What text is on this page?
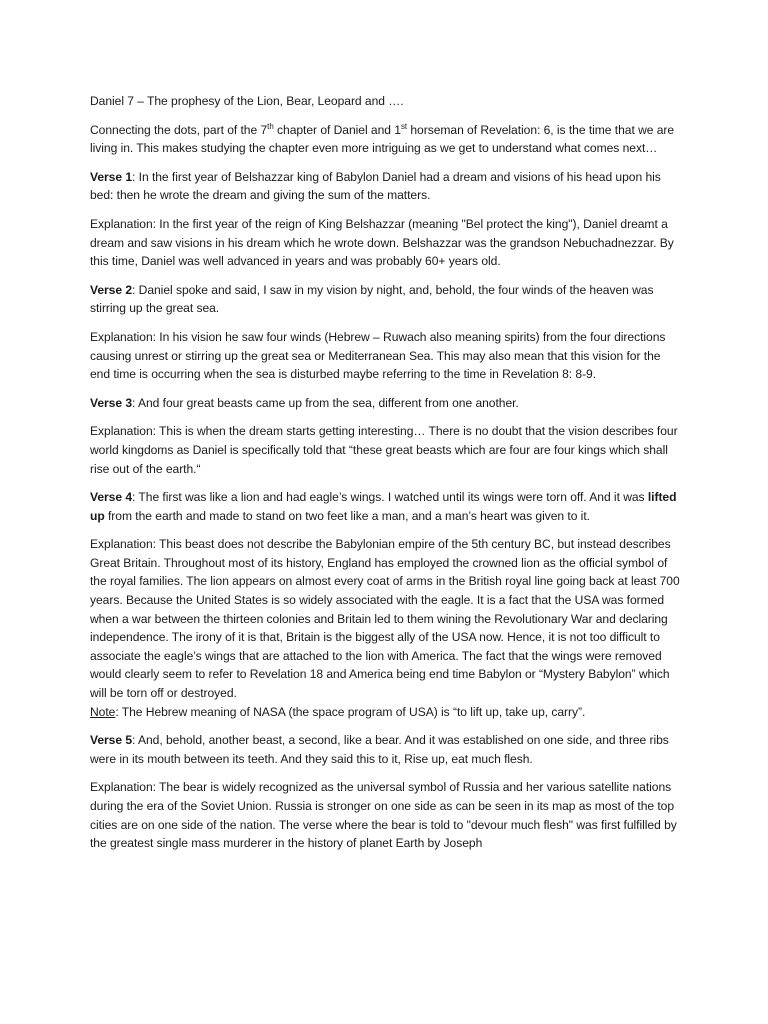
Daniel 7 – The prophesy of the Lion, Bear, Leopard and ….

Connecting the dots, part of the 7th chapter of Daniel and 1st horseman of Revelation: 6, is the time that we are living in. This makes studying the chapter even more intriguing as we get to understand what comes next…

Verse 1: In the first year of Belshazzar king of Babylon Daniel had a dream and visions of his head upon his bed: then he wrote the dream and giving the sum of the matters.

Explanation: In the first year of the reign of King Belshazzar (meaning "Bel protect the king"), Daniel dreamt a dream and saw visions in his dream which he wrote down. Belshazzar was the grandson Nebuchadnezzar. By this time, Daniel was well advanced in years and was probably 60+ years old.

Verse 2: Daniel spoke and said, I saw in my vision by night, and, behold, the four winds of the heaven was stirring up the great sea.

Explanation: In his vision he saw four winds (Hebrew – Ruwach also meaning spirits) from the four directions causing unrest or stirring up the great sea or Mediterranean Sea. This may also mean that this vision for the end time is occurring when the sea is disturbed maybe referring to the time in Revelation 8: 8-9.

Verse 3: And four great beasts came up from the sea, different from one another.

Explanation: This is when the dream starts getting interesting… There is no doubt that the vision describes four world kingdoms as Daniel is specifically told that “these great beasts which are four are four kings which shall rise out of the earth.“

Verse 4: The first was like a lion and had eagle’s wings. I watched until its wings were torn off. And it was lifted up from the earth and made to stand on two feet like a man, and a man’s heart was given to it.

Explanation: This beast does not describe the Babylonian empire of the 5th century BC, but instead describes Great Britain. Throughout most of its history, England has employed the crowned lion as the official symbol of the royal families. The lion appears on almost every coat of arms in the British royal line going back at least 700 years. Because the United States is so widely associated with the eagle. It is a fact that the USA was formed when a war between the thirteen colonies and Britain led to them wining the Revolutionary War and declaring independence. The irony of it is that, Britain is the biggest ally of the USA now. Hence, it is not too difficult to associate the eagle’s wings that are attached to the lion with America. The fact that the wings were removed would clearly seem to refer to Revelation 18 and America being end time Babylon or “Mystery Babylon” which will be torn off or destroyed.

Note: The Hebrew meaning of NASA (the space program of USA) is “to lift up, take up, carry”.

Verse 5: And, behold, another beast, a second, like a bear. And it was established on one side, and three ribs were in its mouth between its teeth. And they said this to it, Rise up, eat much flesh.

Explanation: The bear is widely recognized as the universal symbol of Russia and her various satellite nations during the era of the Soviet Union. Russia is stronger on one side as can be seen in its map as most of the top cities are on one side of the nation. The verse where the bear is told to "devour much flesh" was first fulfilled by the greatest single mass murderer in the history of planet Earth by Joseph
